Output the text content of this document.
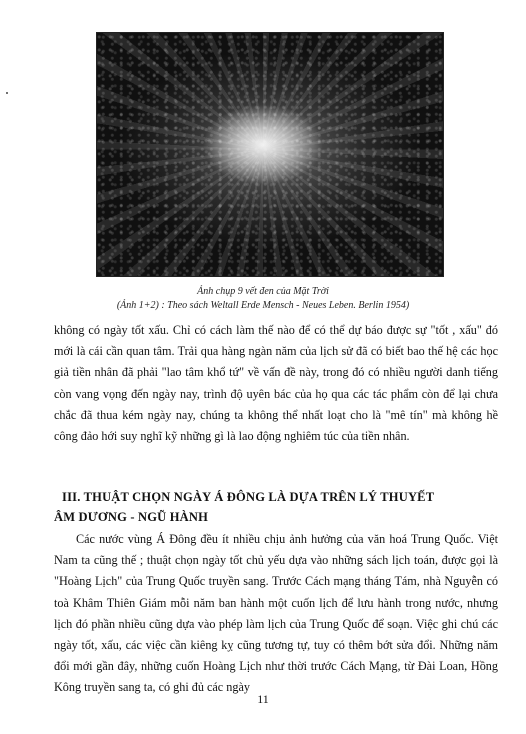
Ảnh chụp 9 vết đen của Mặt Trời
(Ảnh 1+2) : Theo sách Weltall Erde Mensch - Neues Leben. Berlin 1954)

không có ngày tốt xấu. Chỉ có cách làm thế nào để có thể dự báo được sự "tốt , xấu" đó mới là cái cần quan tâm. Trải qua hàng ngàn năm của lịch sử đã có biết bao thế hệ các học giả tiền nhân đã phải "lao tâm khổ tứ" về vấn đề này, trong đó có nhiều người danh tiếng còn vang vọng đến ngày nay, trình độ uyên bác của họ qua các tác phẩm còn để lại chưa chắc đã thua kém ngày nay, chúng ta không thể nhất loạt cho là "mê tín" mà không hề công đảo hới suy nghĩ kỹ những gì là lao động nghiêm túc của tiền nhân.

III. THUẬT CHỌN NGÀY Á ĐÔNG LÀ DỰA TRÊN LÝ THUYẾT
ÂM DƯƠNG - NGŨ HÀNH

Các nước vùng Á Đông đều ít nhiều chịu ảnh hưởng của văn hoá Trung Quốc. Việt Nam ta cũng thế ; thuật chọn ngày tốt chủ yếu dựa vào những sách lịch toán, được gọi là "Hoàng Lịch" của Trung Quốc truyền sang. Trước Cách mạng tháng Tám, nhà Nguyễn có toà Khâm Thiên Giám mỗi năm ban hành một cuốn lịch để lưu hành trong nước, nhưng lịch đó phần nhiều cũng dựa vào phép làm lịch của Trung Quốc để soạn. Việc ghi chú các ngày tốt, xấu, các việc cần kiêng kỵ cũng tương tự, tuy có thêm bớt sửa đổi. Những năm đổi mới gần đây, những cuốn Hoàng Lịch như thời trước Cách Mạng, từ Đài Loan, Hồng Kông truyền sang ta, có ghi đủ các ngày

11
